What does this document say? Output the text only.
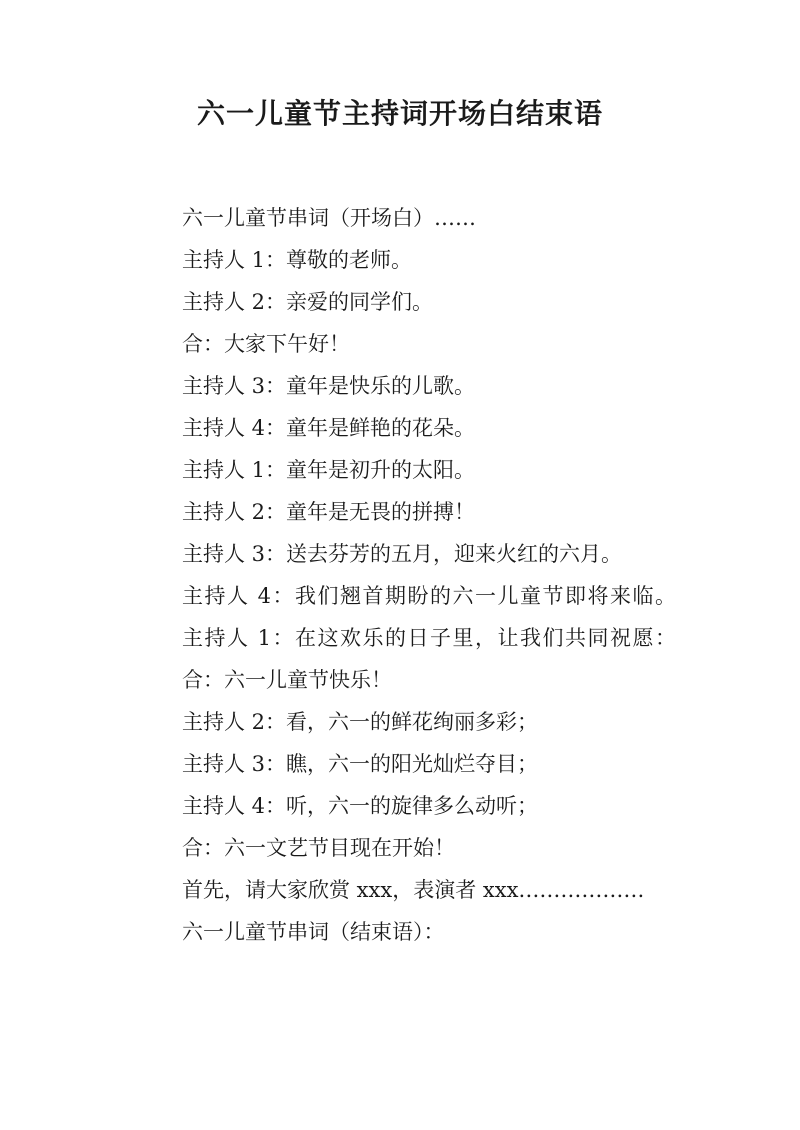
六一儿童节主持词开场白结束语

六一儿童节串词（开场白）……

主持人 1：尊敬的老师。

主持人 2：亲爱的同学们。

合：大家下午好！

主持人 3：童年是快乐的儿歌。

主持人 4：童年是鲜艳的花朵。

主持人 1：童年是初升的太阳。

主持人 2：童年是无畏的拼搏！

主持人 3：送去芬芳的五月，迎来火红的六月。

主持人 4：我们翘首期盼的六一儿童节即将来临。

主持人 1：在这欢乐的日子里，让我们共同祝愿：

合：六一儿童节快乐！

主持人 2：看，六一的鲜花绚丽多彩；

主持人 3：瞧，六一的阳光灿烂夺目；

主持人 4：听，六一的旋律多么动听；

合：六一文艺节目现在开始！

首先，请大家欣赏 xxx，表演者 xxx………………

六一儿童节串词（结束语）：
